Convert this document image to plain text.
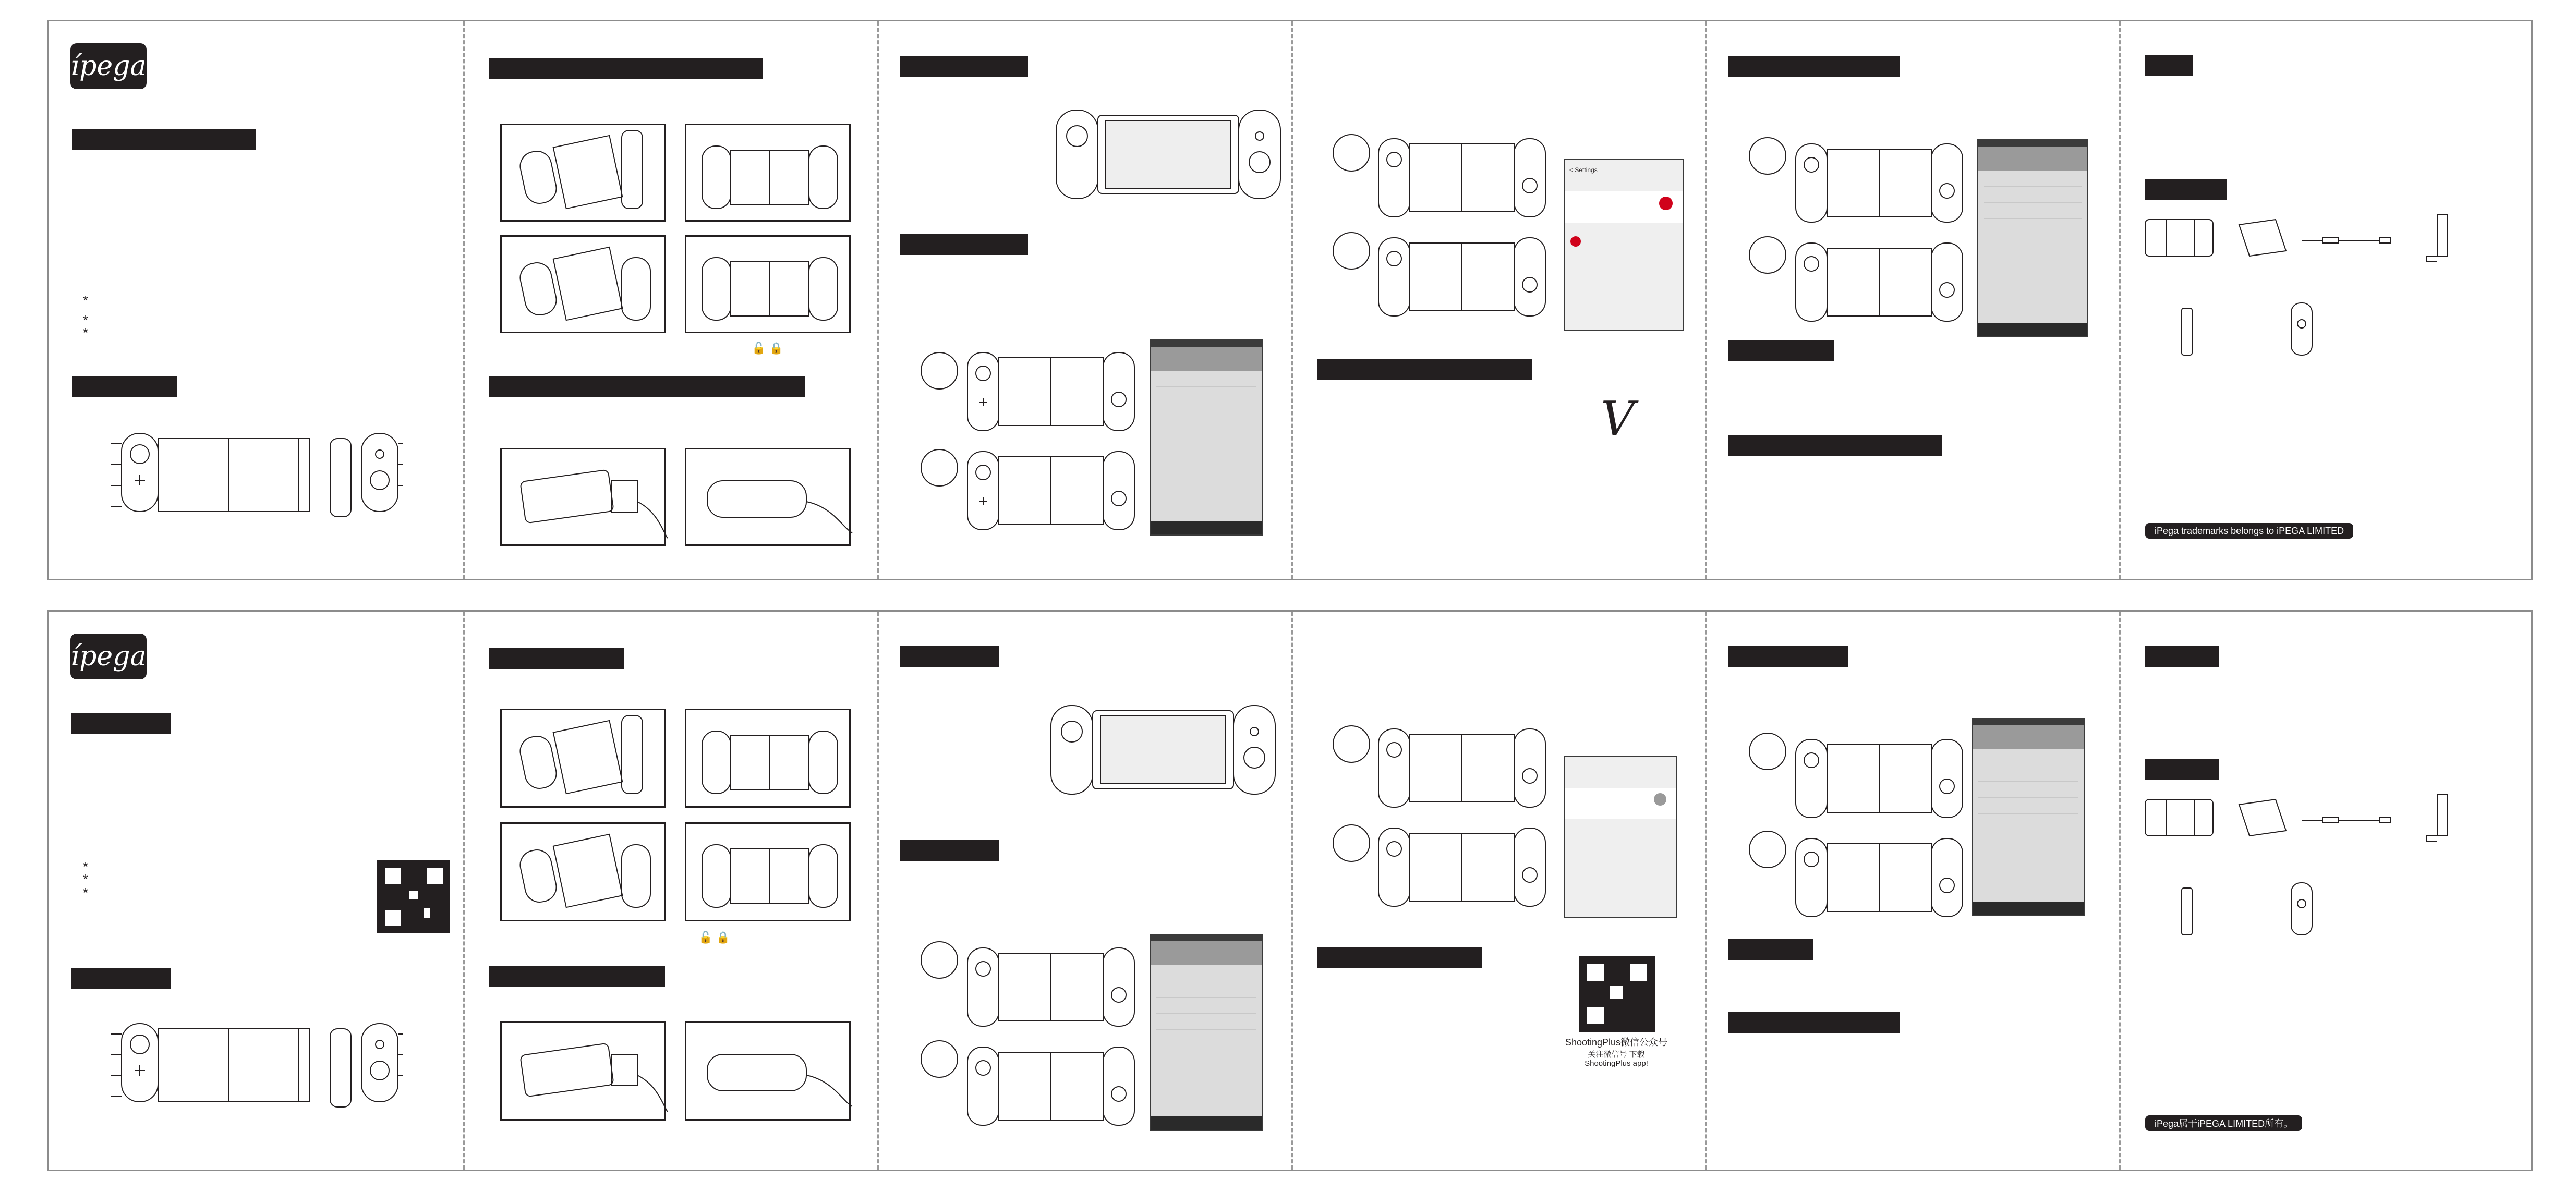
ípega
*
*
*
🔓 🔒
< Settings
V
iPega trademarks belongs to iPEGA LIMITED
ípega
*
*
*
🔓 🔒
ShootingPlus微信公众号
关注微信号 下载
ShootingPlus app!
iPega属于iPEGA LIMITED所有。
